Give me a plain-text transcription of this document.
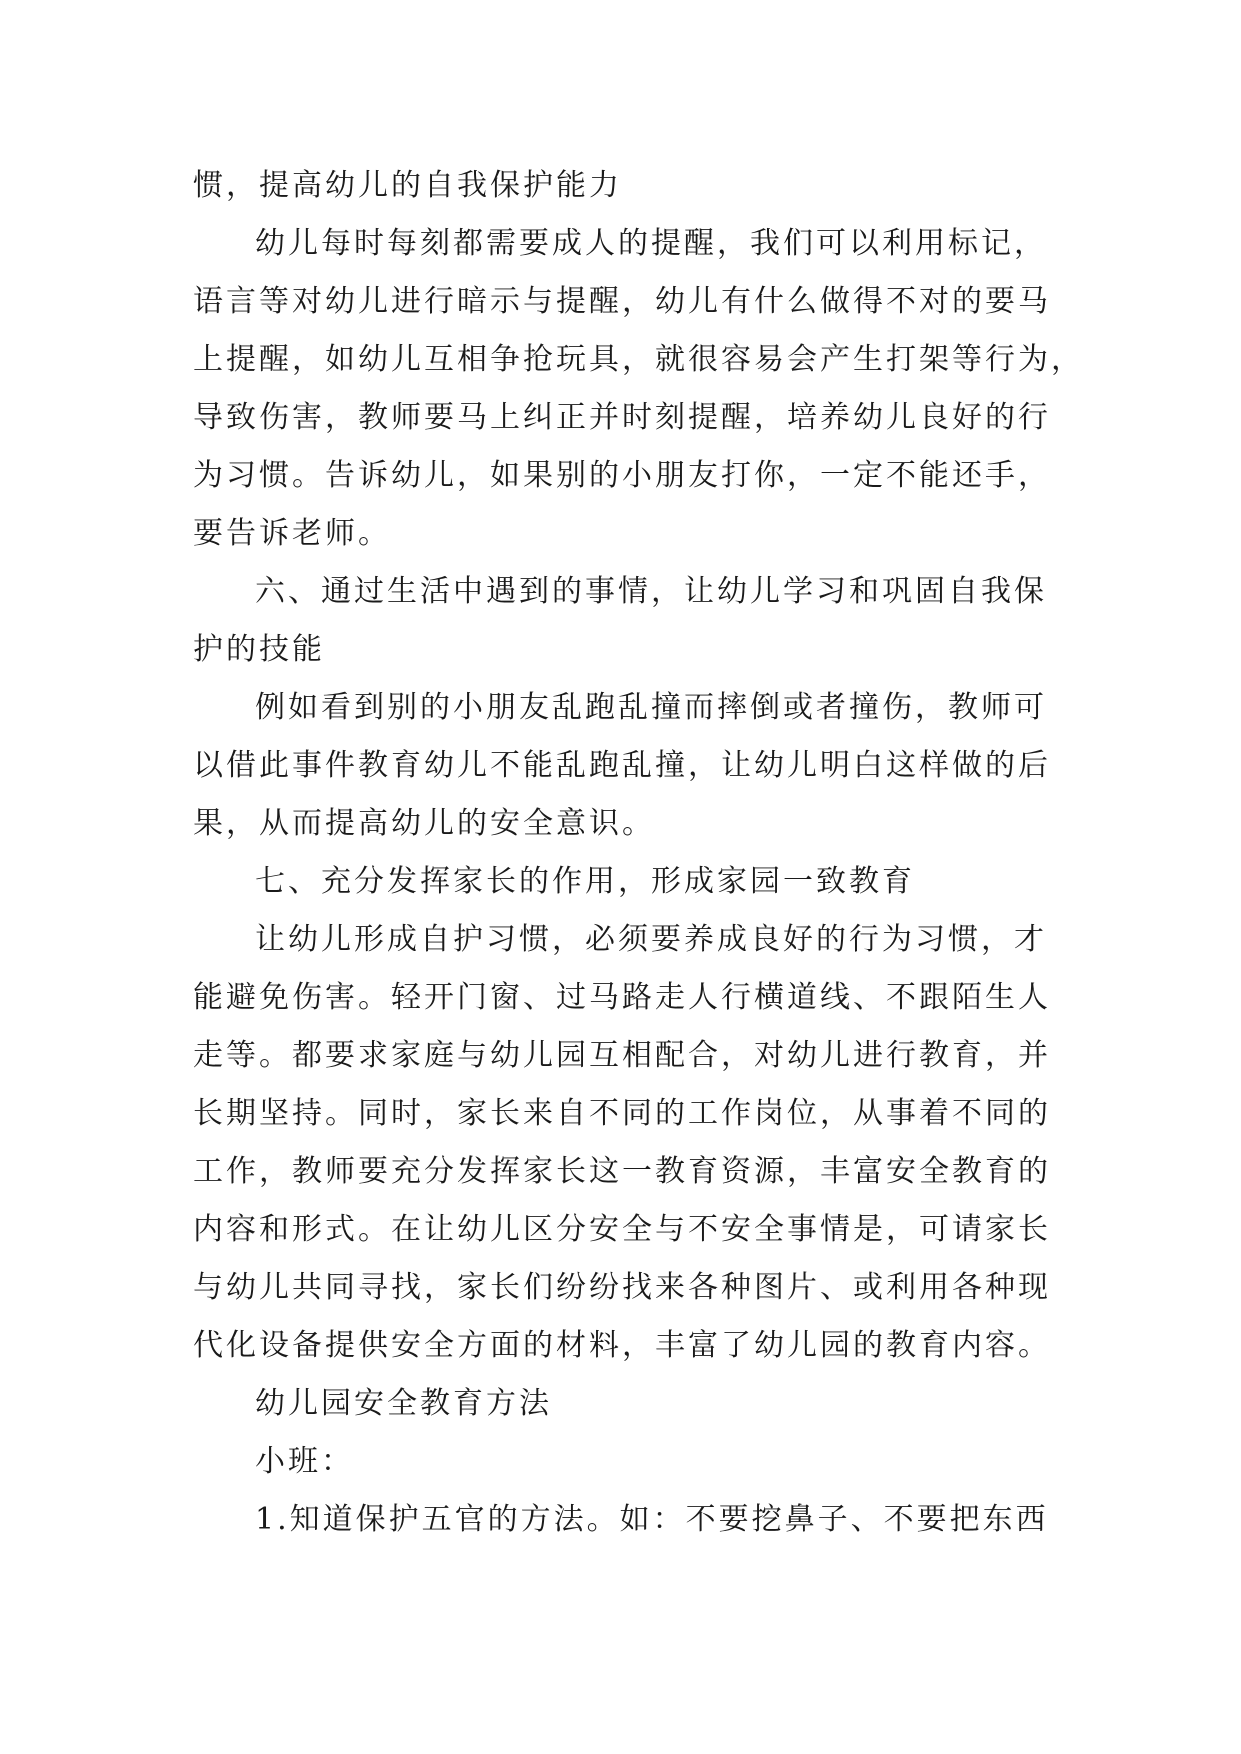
惯，提高幼儿的自我保护能力
幼儿每时每刻都需要成人的提醒，我们可以利用标记，
语言等对幼儿进行暗示与提醒，幼儿有什么做得不对的要马
上提醒，如幼儿互相争抢玩具，就很容易会产生打架等行为，
导致伤害，教师要马上纠正并时刻提醒，培养幼儿良好的行
为习惯。告诉幼儿，如果别的小朋友打你，一定不能还手，
要告诉老师。
六、通过生活中遇到的事情，让幼儿学习和巩固自我保
护的技能
例如看到别的小朋友乱跑乱撞而摔倒或者撞伤，教师可
以借此事件教育幼儿不能乱跑乱撞，让幼儿明白这样做的后
果，从而提高幼儿的安全意识。
七、充分发挥家长的作用，形成家园一致教育
让幼儿形成自护习惯，必须要养成良好的行为习惯，才
能避免伤害。轻开门窗、过马路走人行横道线、不跟陌生人
走等。都要求家庭与幼儿园互相配合，对幼儿进行教育，并
长期坚持。同时，家长来自不同的工作岗位，从事着不同的
工作，教师要充分发挥家长这一教育资源，丰富安全教育的
内容和形式。在让幼儿区分安全与不安全事情是，可请家长
与幼儿共同寻找，家长们纷纷找来各种图片、或利用各种现
代化设备提供安全方面的材料，丰富了幼儿园的教育内容。
幼儿园安全教育方法
小班：
1.知道保护五官的方法。如：不要挖鼻子、不要把东西
